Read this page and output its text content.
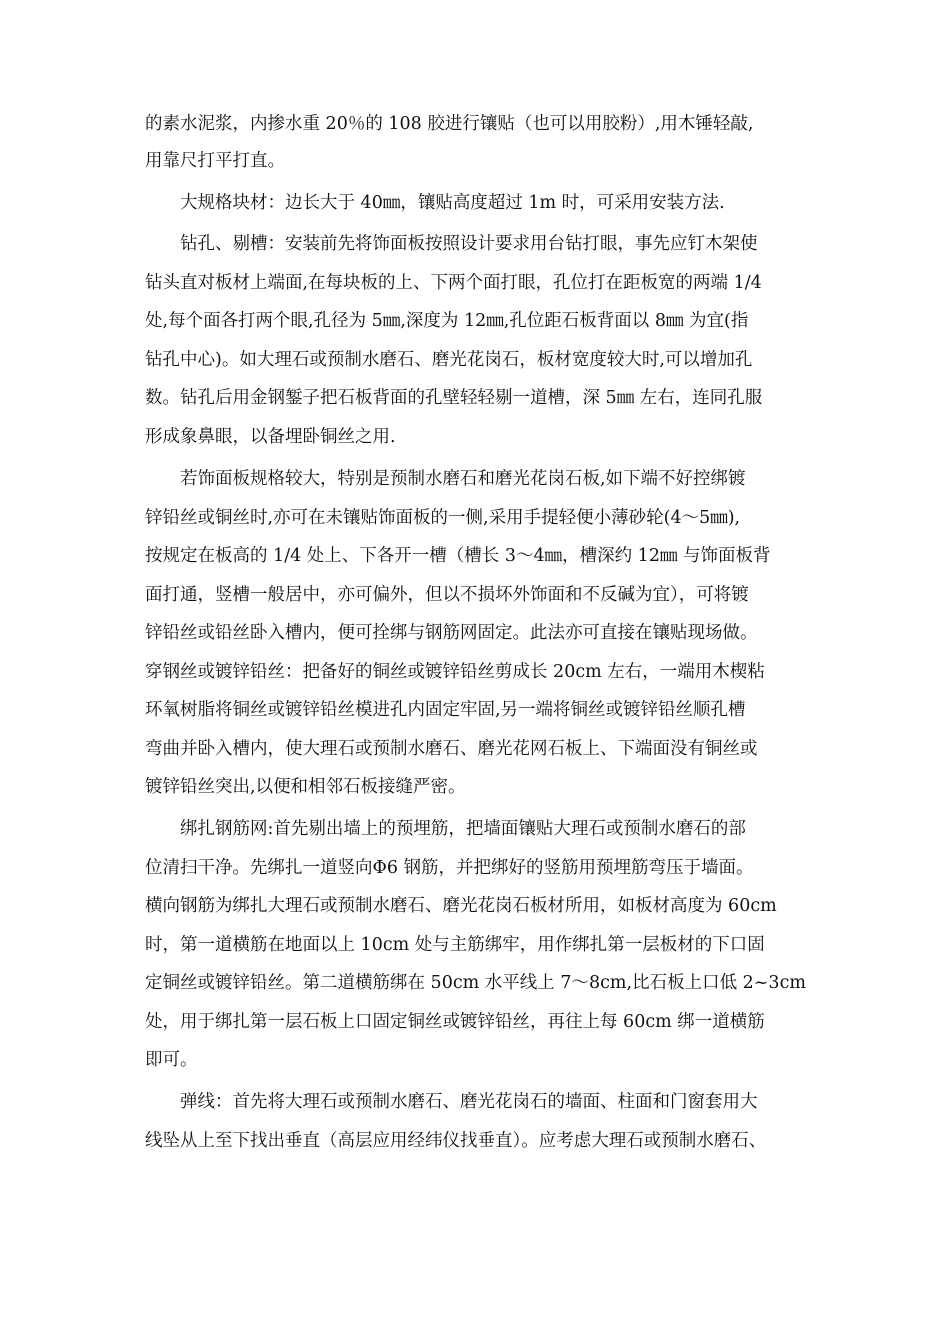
的素水泥浆，内掺水重 20％的 108 胶进行镶贴（也可以用胶粉）,用木锤轻敲,
用靠尺打平打直。
大规格块材：边长大于 40㎜，镶贴高度超过 1m 时，可采用安装方法.
钻孔、剔槽：安装前先将饰面板按照设计要求用台钻打眼，事先应钉木架使
钻头直对板材上端面,在每块板的上、下两个面打眼，孔位打在距板宽的两端 1/4
处,每个面各打两个眼,孔径为 5㎜,深度为 12㎜,孔位距石板背面以 8㎜ 为宜(指
钻孔中心)。如大理石或预制水磨石、磨光花岗石，板材宽度较大时,可以增加孔
数。钻孔后用金钢錾子把石板背面的孔壁轻轻剔一道槽，深 5㎜ 左右，连同孔服
形成象鼻眼，以备埋卧铜丝之用.
若饰面板规格较大，特别是预制水磨石和磨光花岗石板,如下端不好控绑镀
锌铅丝或铜丝时,亦可在未镶贴饰面板的一侧,采用手提轻便小薄砂轮(4～5㎜),
按规定在板高的 1/4 处上、下各开一槽（槽长 3～4㎜，槽深约 12㎜ 与饰面板背
面打通，竖槽一般居中，亦可偏外，但以不损坏外饰面和不反碱为宜），可将镀
锌铅丝或铅丝卧入槽内，便可拴绑与钢筋网固定。此法亦可直接在镶贴现场做。
穿钢丝或镀锌铅丝：把备好的铜丝或镀锌铅丝剪成长 20cm 左右，一端用木楔粘
环氧树脂将铜丝或镀锌铅丝模进孔内固定牢固,另一端将铜丝或镀锌铅丝顺孔槽
弯曲并卧入槽内，使大理石或预制水磨石、磨光花网石板上、下端面没有铜丝或
镀锌铅丝突出,以便和相邻石板接缝严密。
绑扎钢筋网:首先剔出墙上的预埋筋，把墙面镶贴大理石或预制水磨石的部
位清扫干净。先绑扎一道竖向Φ6 钢筋，并把绑好的竖筋用预埋筋弯压于墙面。
横向钢筋为绑扎大理石或预制水磨石、磨光花岗石板材所用，如板材高度为 60cm
时，第一道横筋在地面以上 10cm 处与主筋绑牢，用作绑扎第一层板材的下口固
定铜丝或镀锌铅丝。第二道横筋绑在 50cm 水平线上 7～8cm,比石板上口低 2~3cm
处，用于绑扎第一层石板上口固定铜丝或镀锌铅丝，再往上每 60cm 绑一道横筋
即可。
弹线：首先将大理石或预制水磨石、磨光花岗石的墙面、柱面和门窗套用大
线坠从上至下找出垂直（高层应用经纬仪找垂直）。应考虑大理石或预制水磨石、
